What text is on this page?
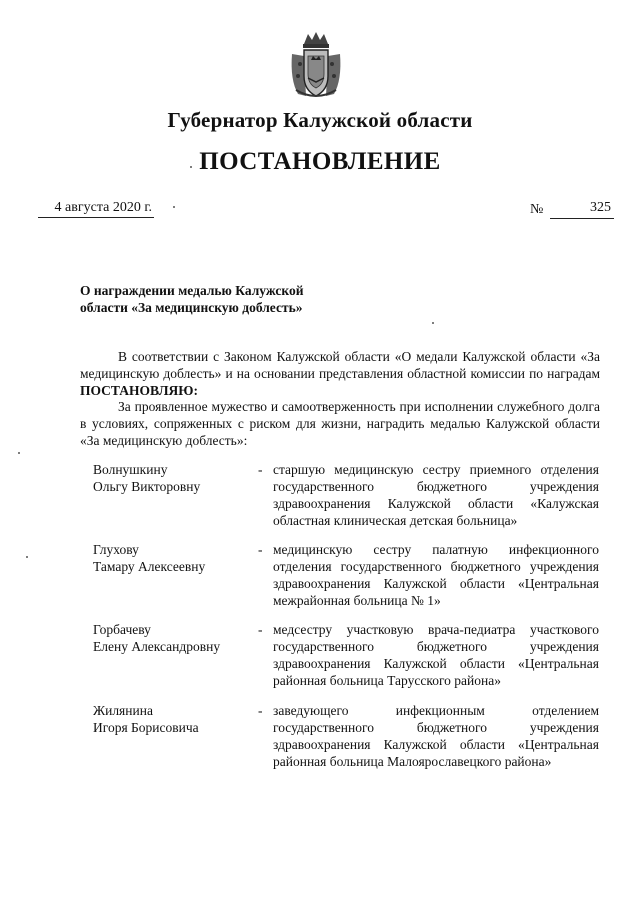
Губернатор Калужской области
ПОСТАНОВЛЕНИЕ
4 августа 2020 г.	№	325
О награждении медалью Калужской
области «За медицинскую доблесть»
В соответствии с Законом Калужской области «О медали Калужской области «За медицинскую доблесть» и на основании представления областной комиссии по наградам ПОСТАНОВЛЯЮ:
За проявленное мужество и самоотверженность при исполнении служебного долга в условиях, сопряженных с риском для жизни, наградить медалью Калужской области «За медицинскую доблесть»:
Волнушкину
Ольгу Викторовну
- старшую медицинскую сестру приемного отделения государственного бюджетного учреждения здравоохранения Калужской области «Калужская областная клиническая детская больница»
Глухову
Тамару Алексеевну
- медицинскую сестру палатную инфекционного отделения государственного бюджетного учреждения здравоохранения Калужской области «Центральная межрайонная больница № 1»
Горбачеву
Елену Александровну
- медсестру участковую врача-педиатра участкового государственного бюджетного учреждения здравоохранения Калужской области «Центральная районная больница Тарусского района»
Жилянина
Игоря Борисовича
- заведующего инфекционным отделением государственного бюджетного учреждения здравоохранения Калужской области «Центральная районная больница Малоярославецкого района»
